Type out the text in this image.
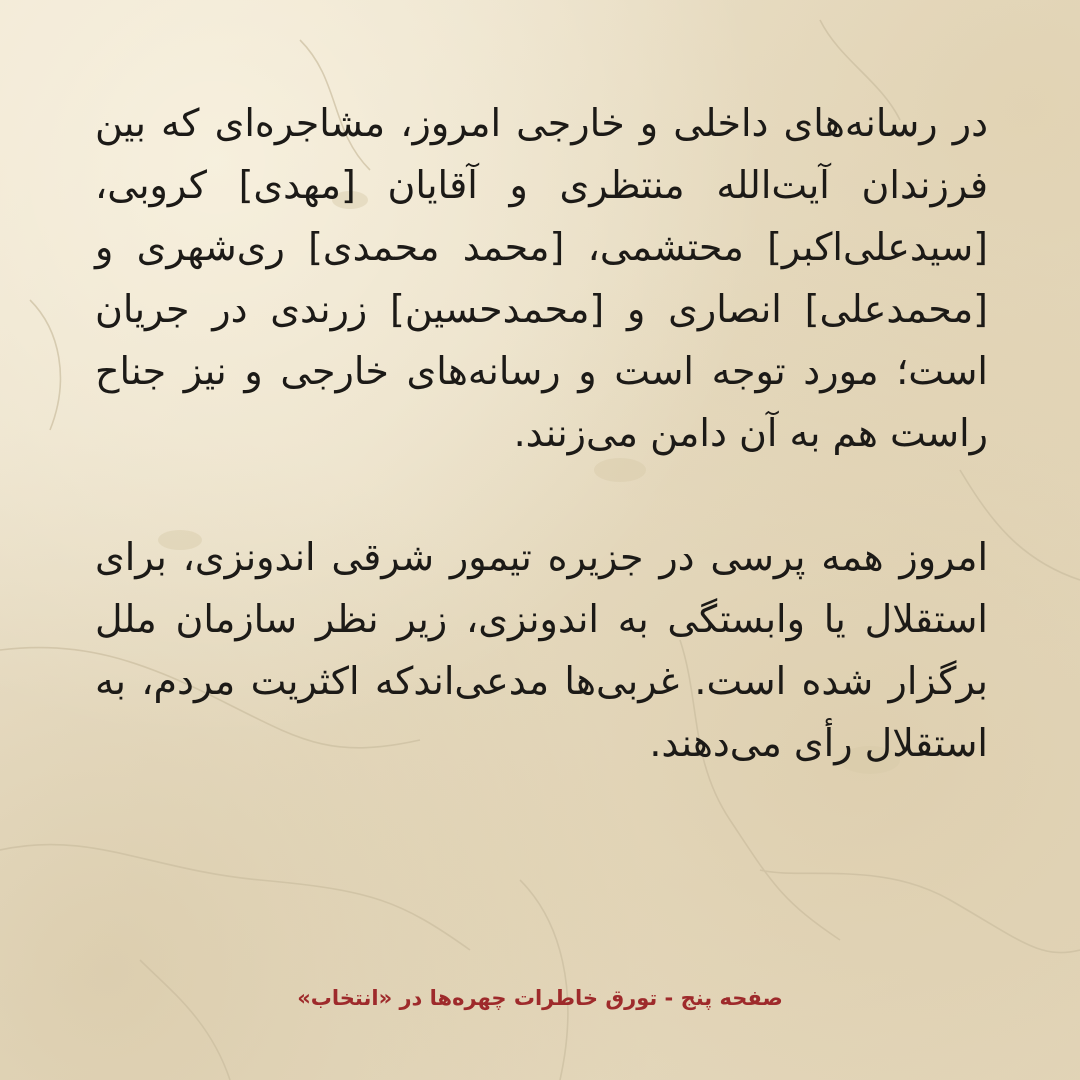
در رسانه‌های داخلی و خارجی امروز، مشاجره‌ای که بین فرزندان آیت‌الله منتظری و آقایان [مهدی] کروبی، [سیدعلی‌اکبر] محتشمی، [محمد محمدی] ری‌شهری و [محمدعلی] انصاری و [محمدحسین] زرندی در جریان است؛ مورد توجه است و رسانه‌های خارجی و نیز جناح راست هم به آن دامن می‌زنند.

امروز همه پرسی در جزیره تیمور شرقی اندونزی، برای استقلال یا وابستگی به اندونزی، زیر نظر سازمان ملل برگزار شده است. غربی‌ها مدعی‌اندکه اکثریت مردم، به استقلال رأی می‌دهند.

صفحه پنج - تورق خاطرات چهره‌ها در «انتخاب»
